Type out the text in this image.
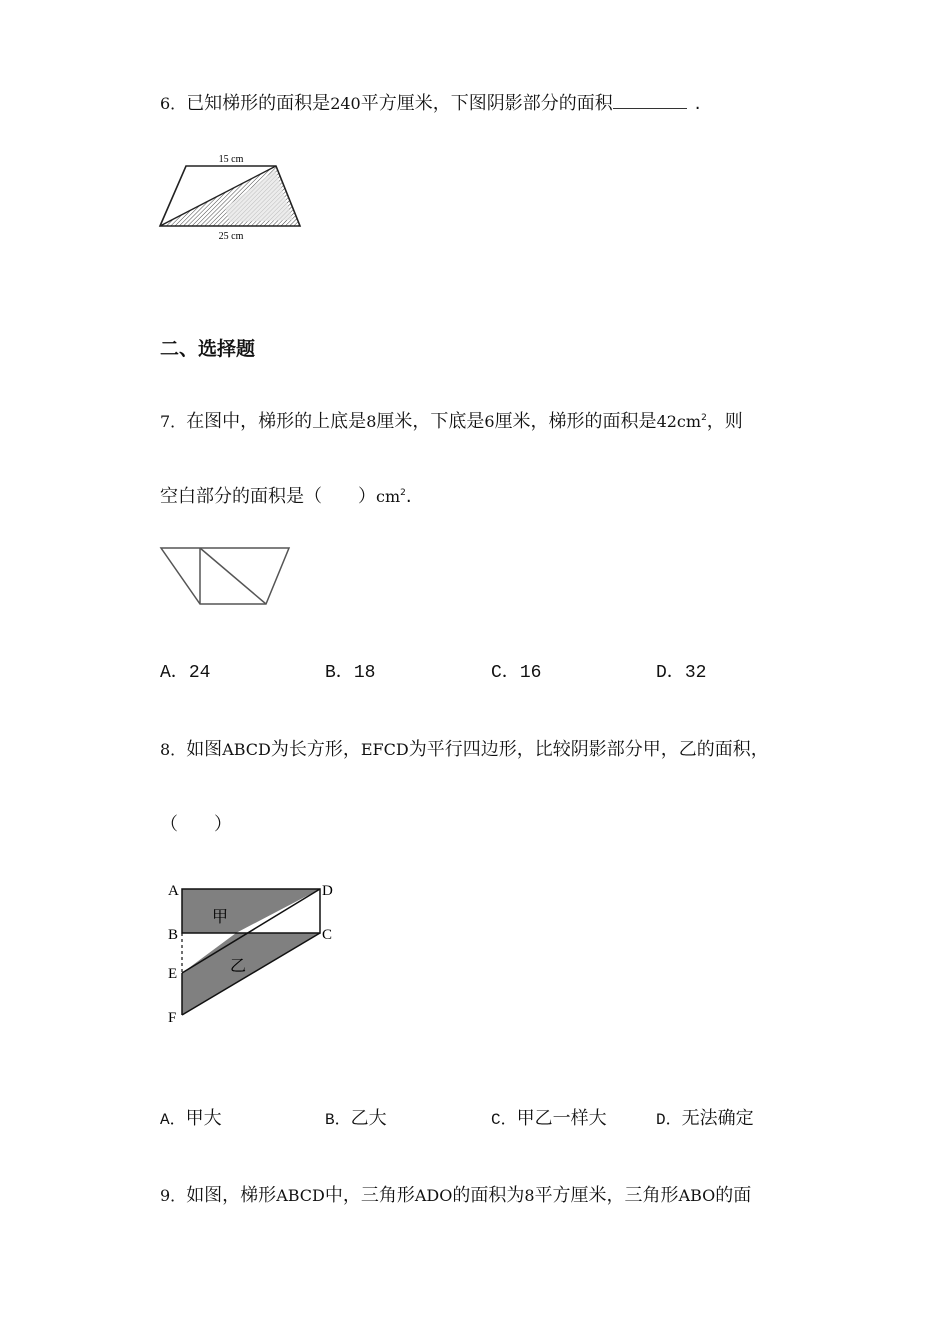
6．已知梯形的面积是240平方厘米，下图阴影部分的面积	.
15 cm
25 cm
二、选择题
7．在图中，梯形的上底是8厘米，下底是6厘米，梯形的面积是$42cm^2$，则
空白部分的面积是（　　）$cm^2$.
A．24	B．18	C．16	D．32
8．如图ABCD为长方形，EFCD为平行四边形，比较阴影部分甲，乙的面积，
（　　）
A
B
E
F
D
C
甲
乙
A．甲大	B．乙大	C．甲乙一样大	D．无法确定
9．如图，梯形ABCD中，三角形ADO的面积为8平方厘米，三角形ABO的面
